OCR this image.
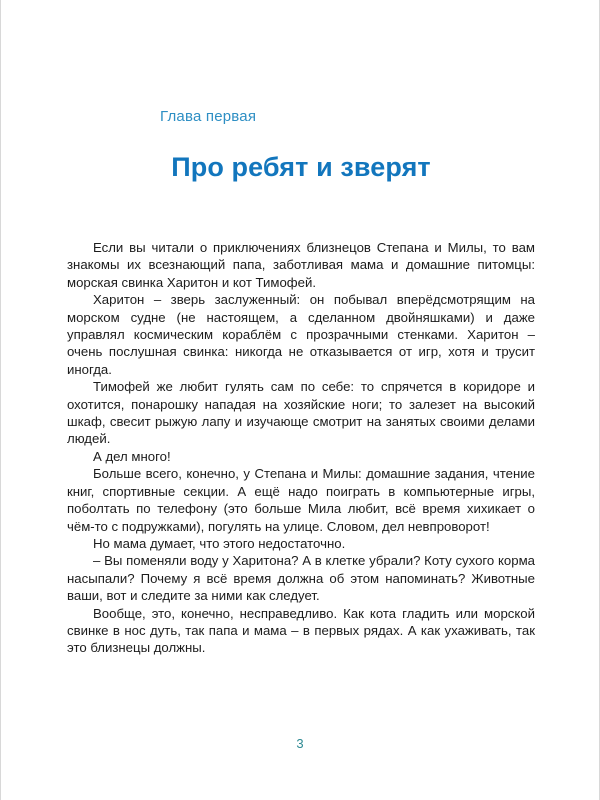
Глава первая
Про ребят и зверят

Если вы читали о приключениях близнецов Степана и Милы, то вам знакомы их всезнающий папа, заботливая мама и домашние питомцы: морская свинка Харитон и кот Тимофей.

Харитон – зверь заслуженный: он побывал вперёдсмотрящим на морском судне (не настоящем, а сделанном двойняшками) и даже управлял космическим кораблём с прозрачными стенками. Харитон – очень послушная свинка: никогда не отказывается от игр, хотя и трусит иногда.

Тимофей же любит гулять сам по себе: то спрячется в коридоре и охотится, понарошку нападая на хозяйские ноги; то залезет на высокий шкаф, свесит рыжую лапу и изучающе смотрит на занятых своими делами людей.

А дел много!

Больше всего, конечно, у Степана и Милы: домашние задания, чтение книг, спортивные секции. А ещё надо поиграть в компьютерные игры, поболтать по телефону (это больше Мила любит, всё время хихикает о чём-то с подружками), погулять на улице. Словом, дел невпроворот!

Но мама думает, что этого недостаточно.

– Вы поменяли воду у Харитона? А в клетке убрали? Коту сухого корма насыпали? Почему я всё время должна об этом напоминать? Животные ваши, вот и следите за ними как следует.

Вообще, это, конечно, несправедливо. Как кота гладить или морской свинке в нос дуть, так папа и мама – в первых рядах. А как ухаживать, так это близнецы должны.

3
